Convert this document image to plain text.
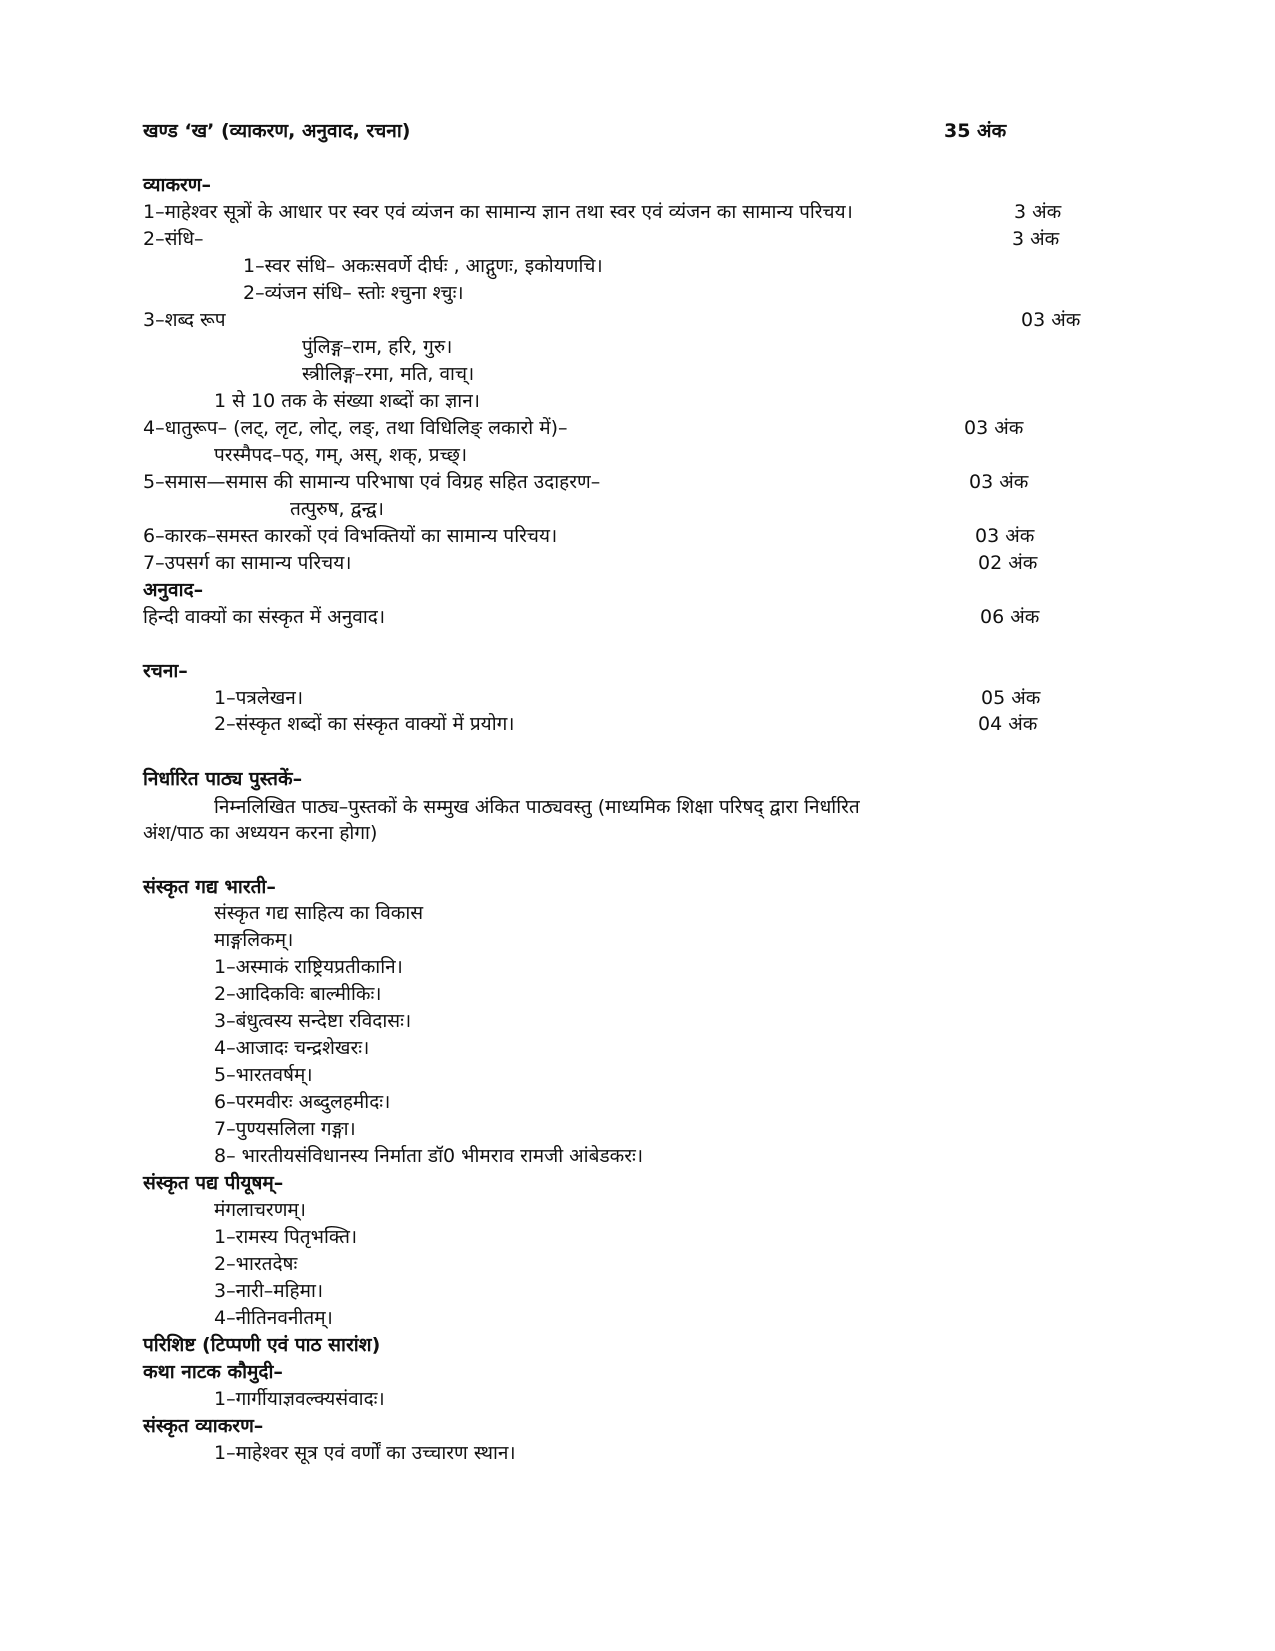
खण्ड ‘ख’ (व्याकरण, अनुवाद, रचना)	35 अंक
व्याकरण–
1–माहेश्वर सूत्रों के आधार पर स्वर एवं व्यंजन का सामान्य ज्ञान तथा स्वर एवं व्यंजन का सामान्य परिचय।	3 अंक
2–संधि–	3 अंक
1–स्वर संधि– अकःसवर्णे दीर्घः , आद्गुणः, इकोयणचि।
2–व्यंजन संधि– स्तोः श्चुना श्चुः।
3–शब्द रूप	03 अंक
पुंलिङ्ग–राम, हरि, गुरु।
स्त्रीलिङ्ग–रमा, मति, वाच्।
1 से 10 तक के संख्या शब्दों का ज्ञान।
4–धातुरूप– (लट्, लृट, लोट्, लङ्, तथा विधिलिङ् लकारो में)–	03 अंक
परस्मैपद–पठ्, गम्, अस्, शक्, प्रच्छ्।
5–समास—समास की सामान्य परिभाषा एवं विग्रह सहित उदाहरण–	03 अंक
तत्पुरुष, द्वन्द्व।
6–कारक–समस्त कारकों एवं विभक्तियों का सामान्य परिचय।	03 अंक
7–उपसर्ग का सामान्य परिचय।	02 अंक
अनुवाद–
हिन्दी वाक्यों का संस्कृत में अनुवाद।	06 अंक
रचना–
1–पत्रलेखन।	05 अंक
2–संस्कृत शब्दों का संस्कृत वाक्यों में प्रयोग।	04 अंक
निर्धारित पाठ्य पुस्तकें–
निम्नलिखित पाठ्य–पुस्तकों के सम्मुख अंकित पाठ्यवस्तु (माध्यमिक शिक्षा परिषद् द्वारा निर्धारित
अंश/पाठ का अध्ययन करना होगा)
संस्कृत गद्य भारती–
संस्कृत गद्य साहित्य का विकास
माङ्गलिकम्।
1–अस्माकं राष्ट्रियप्रतीकानि।
2–आदिकविः बाल्मीकिः।
3–बंधुत्वस्य सन्देष्टा रविदासः।
4–आजादः चन्द्रशेखरः।
5–भारतवर्षम्।
6–परमवीरः अब्दुलहमीदः।
7–पुण्यसलिला गङ्गा।
8– भारतीयसंविधानस्य निर्माता डॉ0 भीमराव रामजी आंबेडकरः।
संस्कृत पद्य पीयूषम्–
मंगलाचरणम्।
1–रामस्य पितृभक्ति।
2–भारतदेषः
3–नारी–महिमा।
4–नीतिनवनीतम्।
परिशिष्ट (टिप्पणी एवं पाठ सारांश)
कथा नाटक कौमुदी–
1–गार्गीयाज्ञवल्क्यसंवादः।
संस्कृत व्याकरण–
1–माहेश्वर सूत्र एवं वर्णों का उच्चारण स्थान।
